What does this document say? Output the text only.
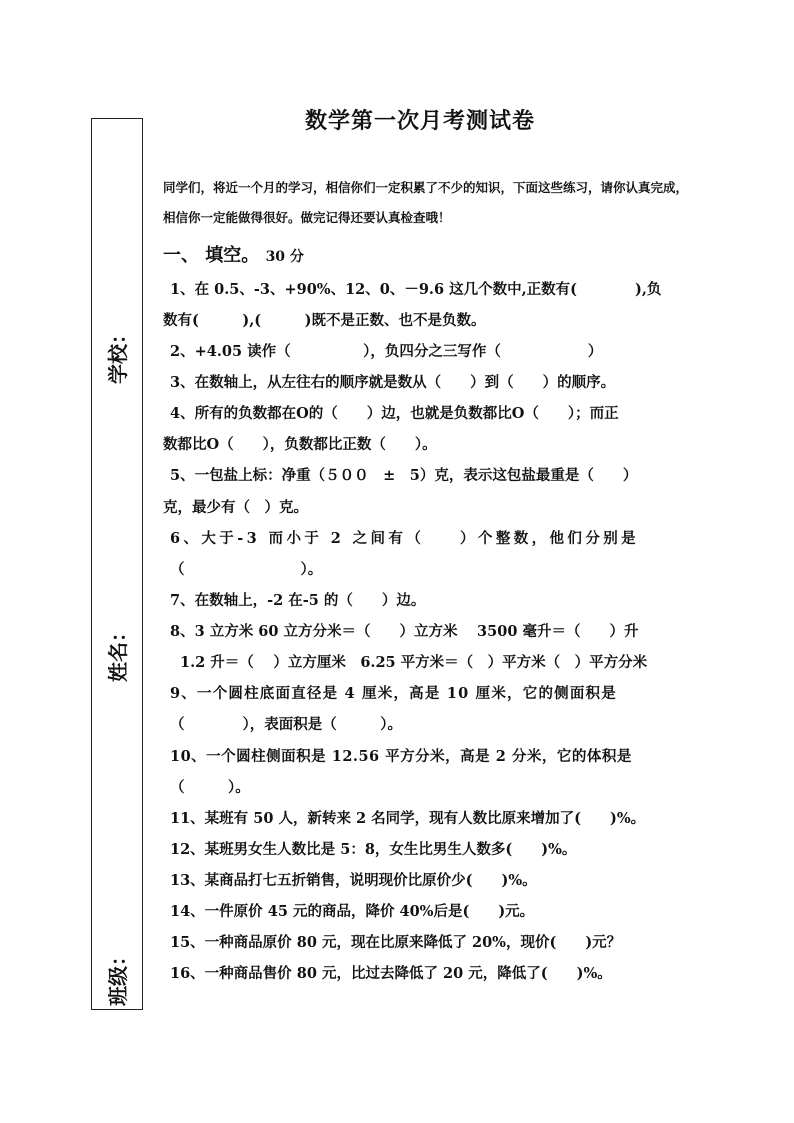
学校：
姓名：
班级：
数学第一次月考测试卷
同学们，将近一个月的学习，相信你们一定积累了不少的知识，下面这些练习，请你认真完成，
相信你一定能做得很好。做完记得还要认真检查哦！
一、 填空。 30 分
1、在 0.5、-3、+90%、12、0、－9.6 这几个数中,正数有(　　　　),负
数有(　　　),(　　　)既不是正数、也不是负数。
2、+4.05 读作（　　　　　），负四分之三写作（　　　　　　）
3、在数轴上，从左往右的顺序就是数从（　　）到（　　）的顺序。
4、所有的负数都在O的（　　）边，也就是负数都比O（　　）；而正
数都比O（　　），负数都比正数（　　）。
5、一包盐上标：净重（５００　±　5）克，表示这包盐最重是（　　）
克，最少有（　）克。
6、大于-3 而小于 2 之间有（　　）个整数，他们分别是
（　　　　　　　　）。
7、在数轴上，-2 在-5 的（　　）边。
8、3 立方米 60 立方分米＝（　　）立方米　 3500 毫升＝（　　）升
1.2 升＝（　 ）立方厘米　6.25 平方米＝（　）平方米（　）平方分米
9、一个圆柱底面直径是 4 厘米，高是 10 厘米，它的侧面积是
（　　　　），表面积是（　　　）。
10、一个圆柱侧面积是 12.56 平方分米，高是 2 分米，它的体积是
（　　　）。
11、某班有 50 人，新转来 2 名同学，现有人数比原来增加了(　　)%。
12、某班男女生人数比是 5：8，女生比男生人数多(　　)%。
13、某商品打七五折销售，说明现价比原价少(　　)%。
14、一件原价 45 元的商品，降价 40%后是(　　)元。
15、一种商品原价 80 元，现在比原来降低了 20%，现价(　　)元？
16、一种商品售价 80 元，比过去降低了 20 元，降低了(　　)%。
